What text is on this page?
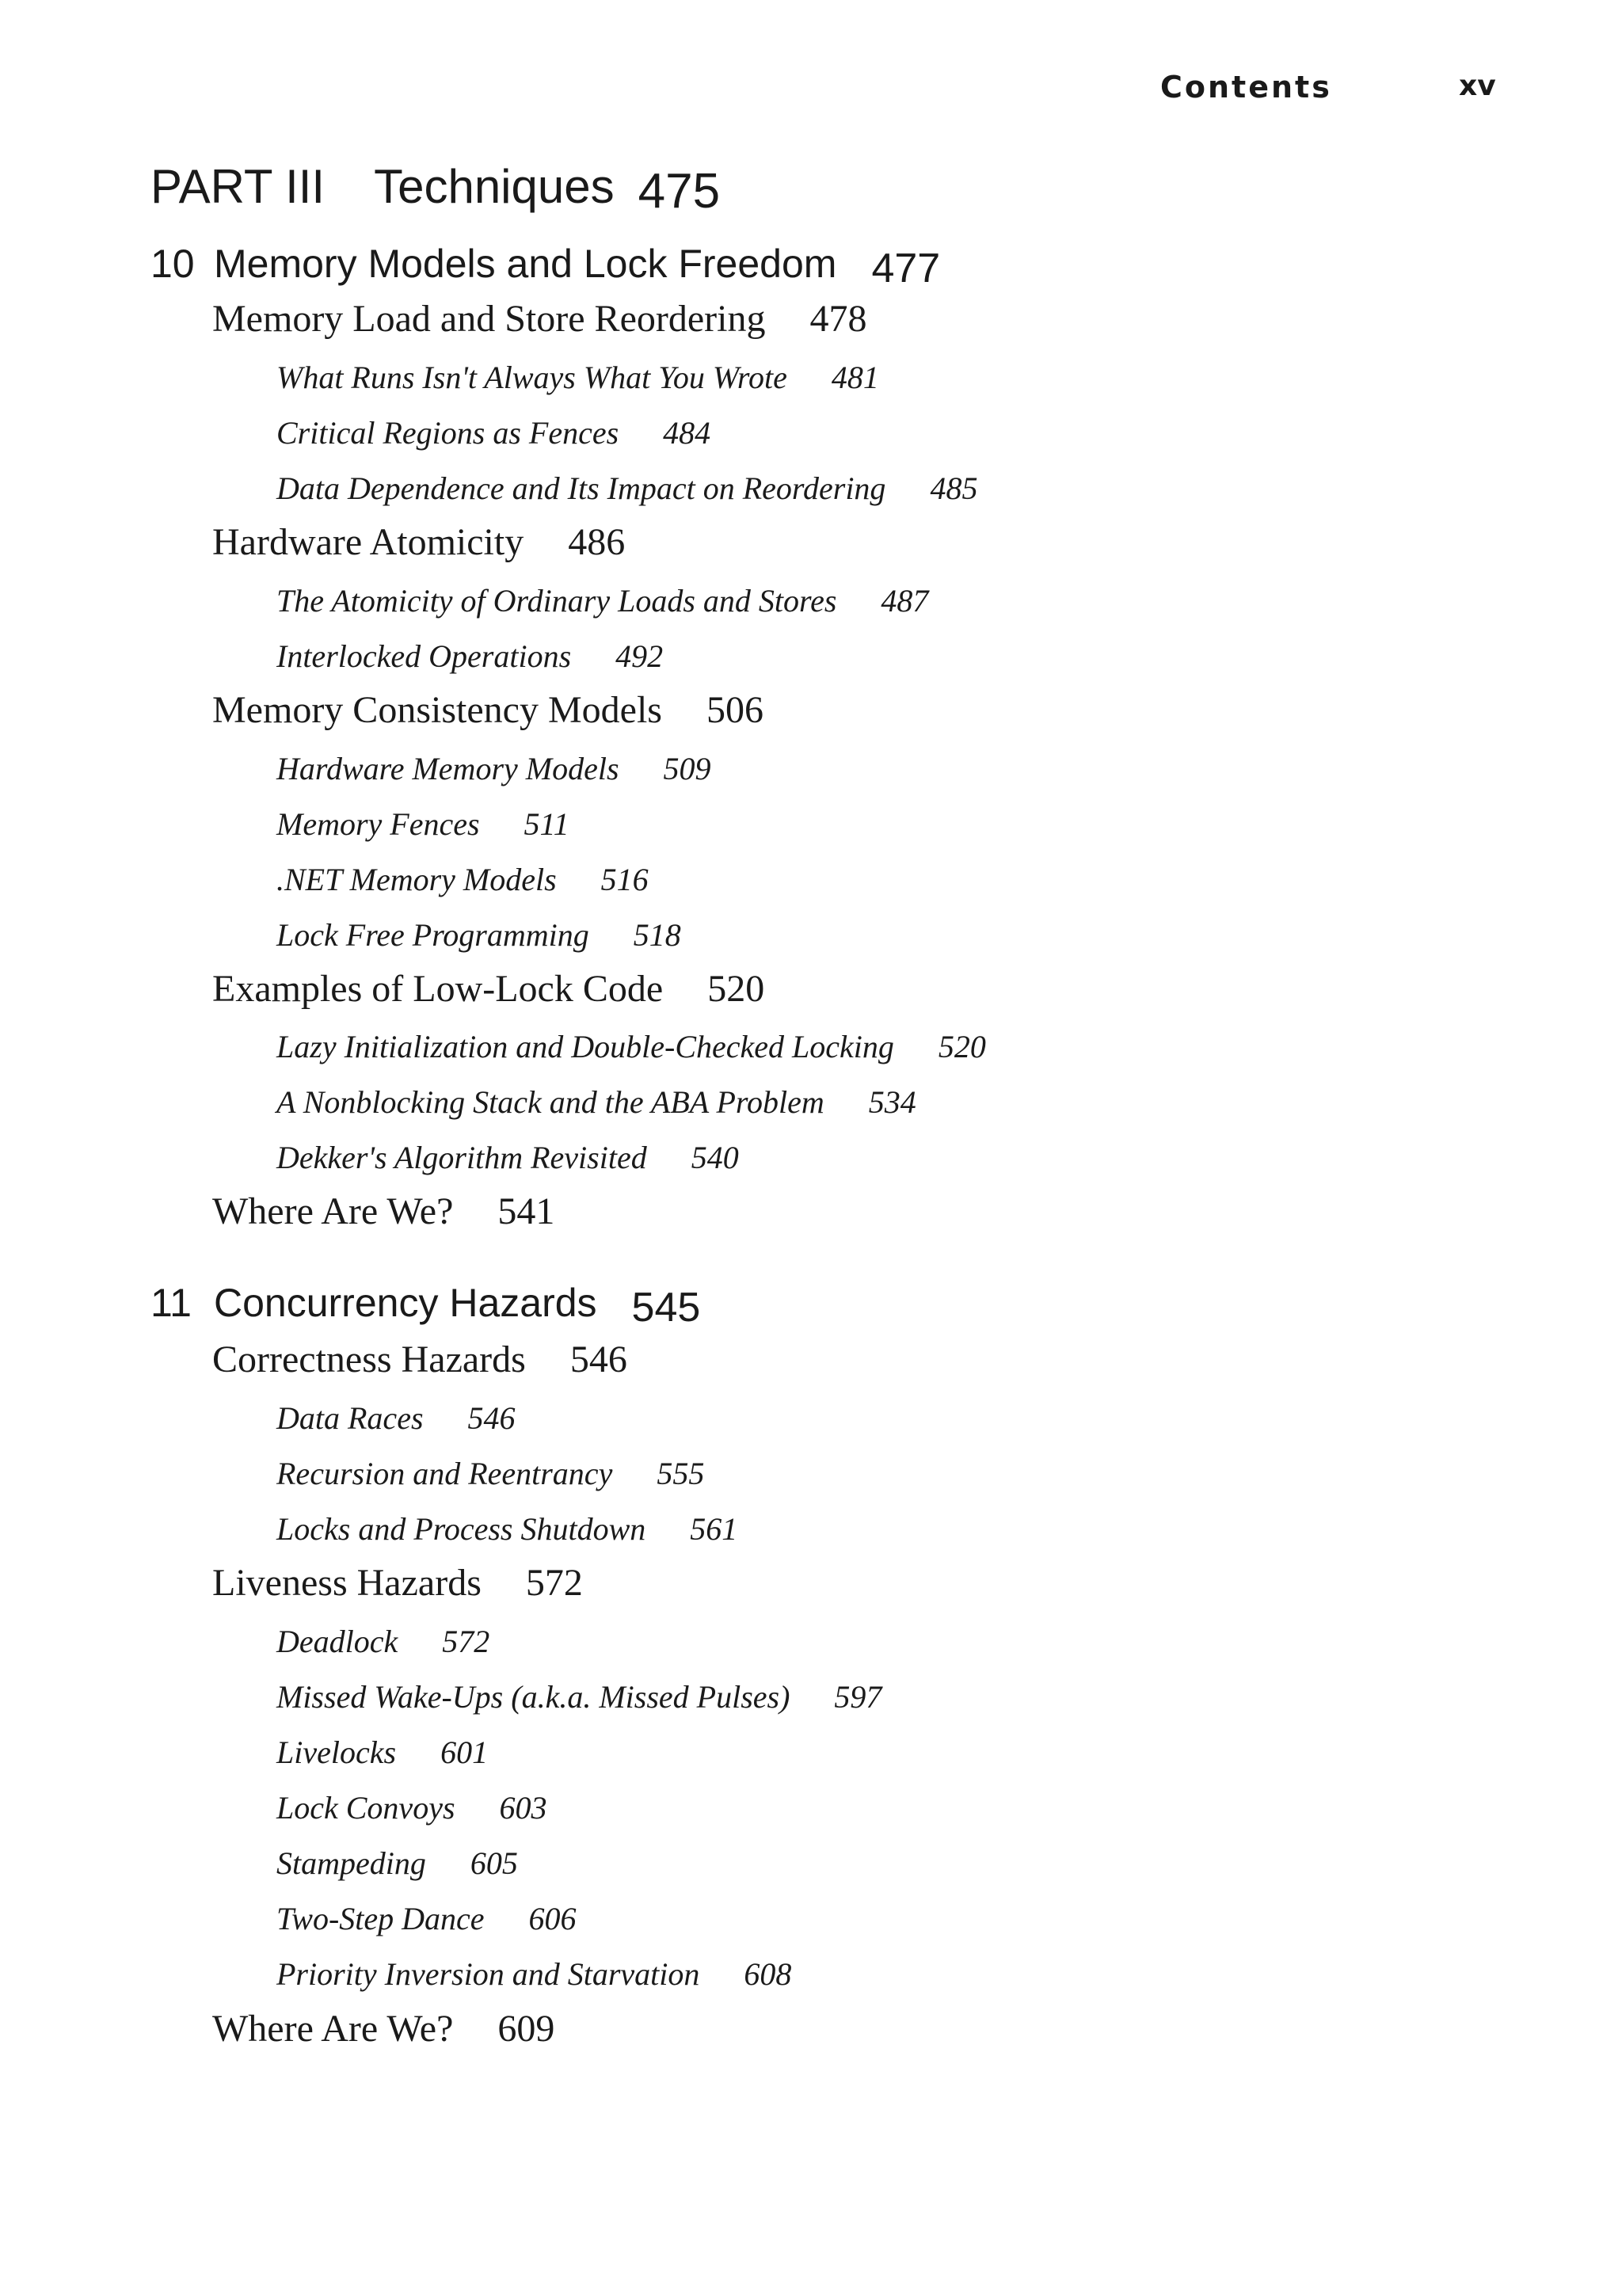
Contents	xv
PART III Techniques 475
10 Memory Models and Lock Freedom 477
Memory Load and Store Reordering 478
What Runs Isn't Always What You Wrote 481
Critical Regions as Fences 484
Data Dependence and Its Impact on Reordering 485
Hardware Atomicity 486
The Atomicity of Ordinary Loads and Stores 487
Interlocked Operations 492
Memory Consistency Models 506
Hardware Memory Models 509
Memory Fences 511
.NET Memory Models 516
Lock Free Programming 518
Examples of Low-Lock Code 520
Lazy Initialization and Double-Checked Locking 520
A Nonblocking Stack and the ABA Problem 534
Dekker's Algorithm Revisited 540
Where Are We? 541
11 Concurrency Hazards 545
Correctness Hazards 546
Data Races 546
Recursion and Reentrancy 555
Locks and Process Shutdown 561
Liveness Hazards 572
Deadlock 572
Missed Wake-Ups (a.k.a. Missed Pulses) 597
Livelocks 601
Lock Convoys 603
Stampeding 605
Two-Step Dance 606
Priority Inversion and Starvation 608
Where Are We? 609
